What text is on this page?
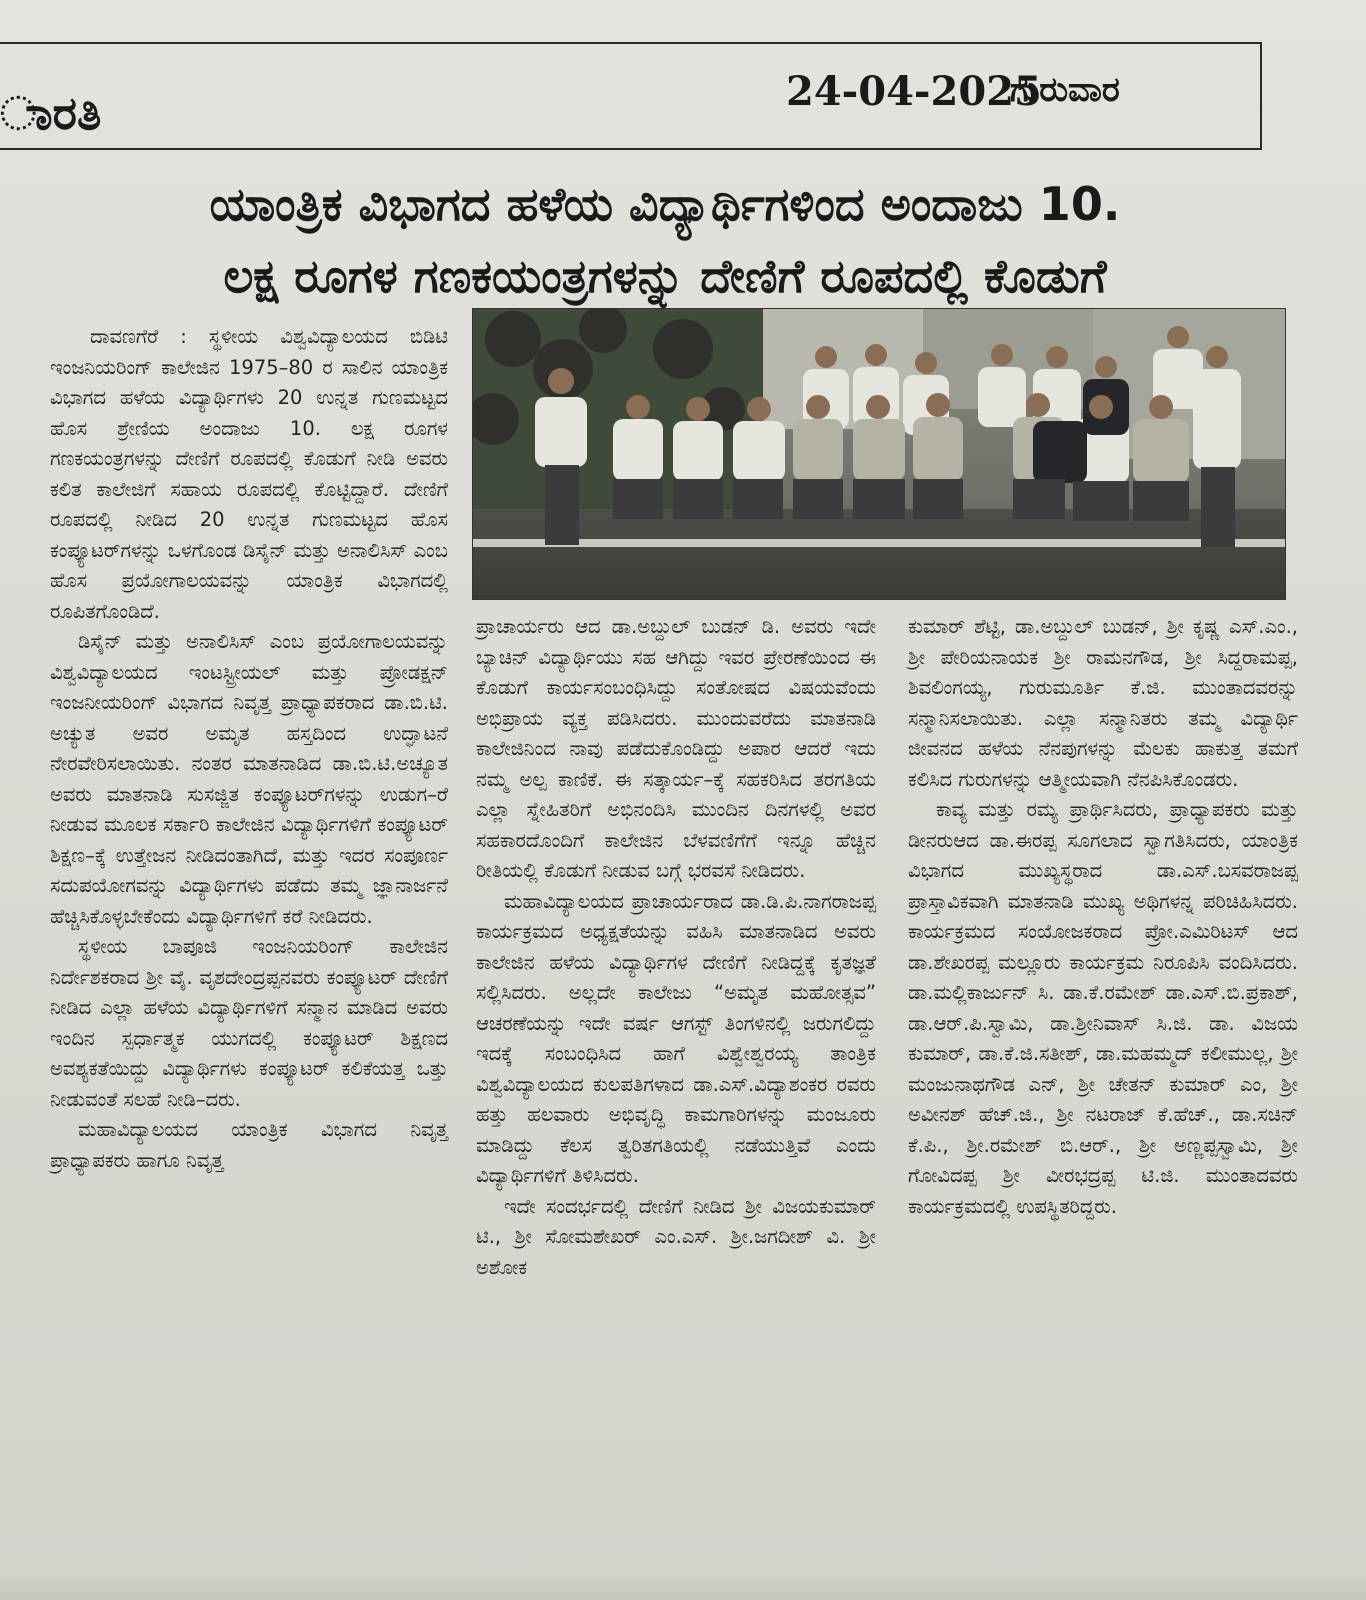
ಾರತಿ	24-04-2025
ಗುರುವಾರ
ಯಾಂತ್ರಿಕ ವಿಭಾಗದ ಹಳೆಯ ವಿದ್ಯಾರ್ಥಿಗಳಿಂದ ಅಂದಾಜು 10.
ಲಕ್ಷ ರೂಗಳ ಗಣಕಯಂತ್ರಗಳನ್ನು ದೇಣಿಗೆ ರೂಪದಲ್ಲಿ ಕೊಡುಗೆ

ದಾವಣಗೆರೆ : ಸ್ಥಳೀಯ ವಿಶ್ವವಿದ್ಯಾಲಯದ ಬಿಡಿಟಿ ಇಂಜನಿಯರಿಂಗ್ ಕಾಲೇಜಿನ 1975–80 ರ ಸಾಲಿನ ಯಾಂತ್ರಿಕ ವಿಭಾಗದ ಹಳೆಯ ವಿದ್ಯಾರ್ಥಿಗಳು 20 ಉನ್ನತ ಗುಣಮಟ್ಟದ ಹೊಸ ಶ್ರೇಣಿಯ ಅಂದಾಜು 10. ಲಕ್ಷ ರೂಗಳ ಗಣಕಯಂತ್ರಗಳನ್ನು ದೇಣಿಗೆ ರೂಪದಲ್ಲಿ ಕೊಡುಗೆ ನೀಡಿ ಅವರು ಕಲಿತ ಕಾಲೇಜಿಗೆ ಸಹಾಯ ರೂಪದಲ್ಲಿ ಕೊಟ್ಟಿದ್ದಾರೆ. ದೇಣಿಗೆ ರೂಪದಲ್ಲಿ ನೀಡಿದ 20 ಉನ್ನತ ಗುಣಮಟ್ಟದ ಹೊಸ ಕಂಪ್ಯೂಟರ್‌ಗಳನ್ನು ಒಳಗೊಂಡ ಡಿಸೈನ್ ಮತ್ತು ಅನಾಲಿಸಿಸ್ ಎಂಬ ಹೊಸ ಪ್ರಯೋಗಾಲಯವನ್ನು ಯಾಂತ್ರಿಕ ವಿಭಾಗದಲ್ಲಿ ರೂಪಿತಗೊಂಡಿದೆ.

ಡಿಸೈನ್ ಮತ್ತು ಅನಾಲಿಸಿಸ್ ಎಂಬ ಪ್ರಯೋಗಾಲಯವನ್ನು ವಿಶ್ವವಿದ್ಯಾಲಯದ ಇಂಟಸ್ಟ್ರೀಯಲ್ ಮತ್ತು ಪ್ರೋಡಕ್ಷನ್ ಇಂಜನೀಯರಿಂಗ್ ವಿಭಾಗದ ನಿವೃತ್ತ ಪ್ರಾಧ್ಯಾಪಕರಾದ ಡಾ.ಬಿ.ಟಿ. ಅಚ್ಯುತ ಅವರ ಅಮೃತ ಹಸ್ತದಿಂದ ಉದ್ಘಾಟನೆ ನೇರವೇರಿಸಲಾಯಿತು. ನಂತರ ಮಾತನಾಡಿದ ಡಾ.ಬಿ.ಟಿ.ಅಚ್ಯೂತ ಅವರು ಮಾತನಾಡಿ ಸುಸಜ್ಜಿತ ಕಂಪ್ಯೂಟರ್‌ಗಳನ್ನು ಉಡುಗ–ರೆ ನೀಡುವ ಮೂಲಕ ಸರ್ಕಾರಿ ಕಾಲೇಜಿನ ವಿದ್ಯಾರ್ಥಿಗಳಿಗೆ ಕಂಪ್ಯೂಟರ್ ಶಿಕ್ಷಣ–ಕ್ಕೆ ಉತ್ತೇಜನ ನೀಡಿದಂತಾಗಿದೆ, ಮತ್ತು ಇದರ ಸಂಪೂರ್ಣ ಸದುಪಯೋಗವನ್ನು ವಿದ್ಯಾರ್ಥಿಗಳು ಪಡೆದು ತಮ್ಮ ಜ್ಞಾನಾರ್ಜನೆ ಹೆಚ್ಚಿಸಿಕೊಳ್ಳಬೇಕೆಂದು ವಿದ್ಯಾರ್ಥಿಗಳಿಗೆ ಕರೆ ನೀಡಿದರು.

ಸ್ಥಳೀಯ ಬಾಪೂಜಿ ಇಂಜನಿಯರಿಂಗ್ ಕಾಲೇಜಿನ ನಿರ್ದೇಶಕರಾದ ಶ್ರೀ ವೈ. ವೃಶದೇಂದ್ರಪ್ಪನವರು ಕಂಪ್ಯೂಟರ್ ದೇಣಿಗೆ ನೀಡಿದ ಎಲ್ಲಾ ಹಳೆಯ ವಿದ್ಯಾರ್ಥಿಗಳಿಗೆ ಸನ್ಮಾನ ಮಾಡಿದ ಅವರು ಇಂದಿನ ಸ್ಪರ್ಧಾತ್ಮಕ ಯುಗದಲ್ಲಿ ಕಂಪ್ಯೂಟರ್ ಶಿಕ್ಷಣದ ಅವಶ್ಯಕತೆಯಿದ್ದು ವಿದ್ಯಾರ್ಥಿಗಳು ಕಂಪ್ಯೂಟರ್ ಕಲಿಕೆಯತ್ತ ಒತ್ತು ನೀಡುವಂತೆ ಸಲಹೆ ನೀಡಿ–ದರು.

ಮಹಾವಿದ್ಯಾಲಯದ ಯಾಂತ್ರಿಕ ವಿಭಾಗದ ನಿವೃತ್ತ ಪ್ರಾಧ್ಯಾಪಕರು ಹಾಗೂ ನಿವೃತ್ತ

ಪ್ರಾಚಾರ್ಯರು ಆದ ಡಾ.ಅಬ್ದುಲ್ ಬುಡನ್ ಡಿ. ಅವರು ಇದೇ ಬ್ಯಾಚಿನ್ ವಿದ್ಯಾರ್ಥಿಯು ಸಹ ಆಗಿದ್ದು ಇವರ ಪ್ರೇರಣೆಯಿಂದ ಈ ಕೊಡುಗೆ ಕಾರ್ಯಸಂಬಂಧಿಸಿದ್ದು ಸಂತೋಷದ ವಿಷಯವೆಂದು ಅಭಿಪ್ರಾಯ ವ್ಯಕ್ತ ಪಡಿಸಿದರು. ಮುಂದುವರೆದು ಮಾತನಾಡಿ ಕಾಲೇಜಿನಿಂದ ನಾವು ಪಡೆದುಕೊಂಡಿದ್ದು ಅಪಾರ ಆದರೆ ಇದು ನಮ್ಮ ಅಲ್ಪ ಕಾಣಿಕೆ. ಈ ಸತ್ಕಾರ್ಯ–ಕ್ಕೆ ಸಹಕರಿಸಿದ ತರಗತಿಯ ಎಲ್ಲಾ ಸ್ನೇಹಿತರಿಗೆ ಅಭಿನಂದಿಸಿ ಮುಂದಿನ ದಿನಗಳಲ್ಲಿ ಅವರ ಸಹಕಾರದೊಂದಿಗೆ ಕಾಲೇಜಿನ ಬೆಳವಣಿಗೆಗೆ ಇನ್ನೂ ಹೆಚ್ಚಿನ ರೀತಿಯಲ್ಲಿ ಕೊಡುಗೆ ನೀಡುವ ಬಗ್ಗೆ ಭರವಸೆ ನೀಡಿದರು.

ಮಹಾವಿದ್ಯಾಲಯದ ಪ್ರಾಚಾರ್ಯರಾದ ಡಾ.ಡಿ.ಪಿ.ನಾಗರಾಜಪ್ಪ ಕಾರ್ಯಕ್ರಮದ ಅಧ್ಯಕ್ಷತೆಯನ್ನು ವಹಿಸಿ ಮಾತನಾಡಿದ ಅವರು ಕಾಲೇಜಿನ ಹಳೆಯ ವಿದ್ಯಾರ್ಥಿಗಳ ದೇಣಿಗೆ ನೀಡಿದ್ದಕ್ಕೆ ಕೃತಜ್ಞತೆ ಸಲ್ಲಿಸಿದರು. ಅಲ್ಲದೇ ಕಾಲೇಜು “ಅಮೃತ ಮಹೋತ್ಸವ” ಆಚರಣೆಯನ್ನು ಇದೇ ವರ್ಷ ಆಗಸ್ಟ್ ತಿಂಗಳಿನಲ್ಲಿ ಜರುಗಲಿದ್ದು ಇದಕ್ಕೆ ಸಂಬಂಧಿಸಿದ ಹಾಗೆ ವಿಶ್ವೇಶ್ವರಯ್ಯ ತಾಂತ್ರಿಕ ವಿಶ್ವವಿದ್ಯಾಲಯದ ಕುಲಪತಿಗಳಾದ ಡಾ.ಎಸ್.ವಿದ್ಯಾಶಂಕರ ರವರು ಹತ್ತು ಹಲವಾರು ಅಭಿವೃದ್ಧಿ ಕಾಮಗಾರಿಗಳನ್ನು ಮಂಜೂರು ಮಾಡಿದ್ದು ಕೆಲಸ ತ್ವರಿತಗತಿಯಲ್ಲಿ ನಡೆಯುತ್ತಿವೆ ಎಂದು ವಿದ್ಯಾರ್ಥಿಗಳಿಗೆ ತಿಳಿಸಿದರು.

ಇದೇ ಸಂದರ್ಭದಲ್ಲಿ ದೇಣಿಗೆ ನೀಡಿದ ಶ್ರೀ ವಿಜಯಕುಮಾರ್ ಟಿ., ಶ್ರೀ ಸೋಮಶೇಖರ್ ಎಂ.ಎಸ್. ಶ್ರೀ.ಜಗದೀಶ್ ವಿ. ಶ್ರೀ ಅಶೋಕ

ಕುಮಾರ್ ಶೆಟ್ಟಿ, ಡಾ.ಅಬ್ದುಲ್ ಬುಡನ್, ಶ್ರೀ ಕೃಷ್ಣ ಎಸ್.ಎಂ., ಶ್ರೀ ಪೇರಿಯನಾಯಕ ಶ್ರೀ ರಾಮನಗೌಡ, ಶ್ರೀ ಸಿದ್ದರಾಮಪ್ಪ, ಶಿವಲಿಂಗಯ್ಯ, ಗುರುಮೂರ್ತಿ ಕೆ.ಜಿ. ಮುಂತಾದವರನ್ನು ಸನ್ಮಾನಿಸಲಾಯಿತು. ಎಲ್ಲಾ ಸನ್ಮಾನಿತರು ತಮ್ಮ ವಿದ್ಯಾರ್ಥಿ ಜೀವನದ ಹಳೆಯ ನೆನಪುಗಳನ್ನು ಮೆಲಕು ಹಾಕುತ್ತ ತಮಗೆ ಕಲಿಸಿದ ಗುರುಗಳನ್ನು ಆತ್ಮೀಯವಾಗಿ ನೆನಪಿಸಿಕೊಂಡರು.

ಕಾವ್ಯ ಮತ್ತು ರಮ್ಯ ಪ್ರಾರ್ಥಿಸಿದರು, ಪ್ರಾಧ್ಯಾಪಕರು ಮತ್ತು ಡೀನರುಆದ ಡಾ.ಈರಪ್ಪ ಸೂಗಲಾದ ಸ್ವಾಗತಿಸಿದರು, ಯಾಂತ್ರಿಕ ವಿಭಾಗದ ಮುಖ್ಯಸ್ಥರಾದ ಡಾ.ಎಸ್.ಬಸವರಾಜಪ್ಪ ಪ್ರಾಸ್ತಾವಿಕವಾಗಿ ಮಾತನಾಡಿ ಮುಖ್ಯ ಅಥಿಗಳನ್ನ ಪರಿಚಿಹಿಸಿದರು. ಕಾರ್ಯಕ್ರಮದ ಸಂಯೋಜಕರಾದ ಪ್ರೋ.ಎಮಿರಿಟಸ್ ಆದ ಡಾ.ಶೇಖರಪ್ಪ ಮಲ್ಲೂರು ಕಾರ್ಯಕ್ರಮ ನಿರೂಪಿಸಿ ವಂದಿಸಿದರು. ಡಾ.ಮಲ್ಲಿಕಾರ್ಜುನ್ ಸಿ. ಡಾ.ಕೆ.ರಮೇಶ್ ಡಾ.ಎಸ್.ಬಿ.ಪ್ರಕಾಶ್, ಡಾ.ಆರ್.ಪಿ.ಸ್ವಾಮಿ, ಡಾ.ಶ್ರೀನಿವಾಸ್ ಸಿ.ಜಿ. ಡಾ. ವಿಜಯ ಕುಮಾರ್, ಡಾ.ಕೆ.ಜಿ.ಸತೀಶ್, ಡಾ.ಮಹಮ್ಮದ್ ಕಲೀಮುಲ್ಲ, ಶ್ರೀ ಮಂಜುನಾಥಗೌಡ ಎನ್, ಶ್ರೀ ಚೇತನ್ ಕುಮಾರ್ ಎಂ, ಶ್ರೀ ಅವೀನಶ್ ಹೆಚ್.ಜಿ., ಶ್ರೀ ನಟರಾಜ್ ಕೆ.ಹೆಚ್., ಡಾ.ಸಚಿನ್ ಕೆ.ಪಿ., ಶ್ರೀ.ರಮೇಶ್ ಬಿ.ಆರ್., ಶ್ರೀ ಅಣ್ಣಪ್ಪಸ್ವಾಮಿ, ಶ್ರೀ ಗೋವಿದಪ್ಪ ಶ್ರೀ ವೀರಭದ್ರಪ್ಪ ಟಿ.ಜಿ. ಮುಂತಾದವರು ಕಾರ್ಯಕ್ರಮದಲ್ಲಿ ಉಪಸ್ಥಿತರಿದ್ದರು.
